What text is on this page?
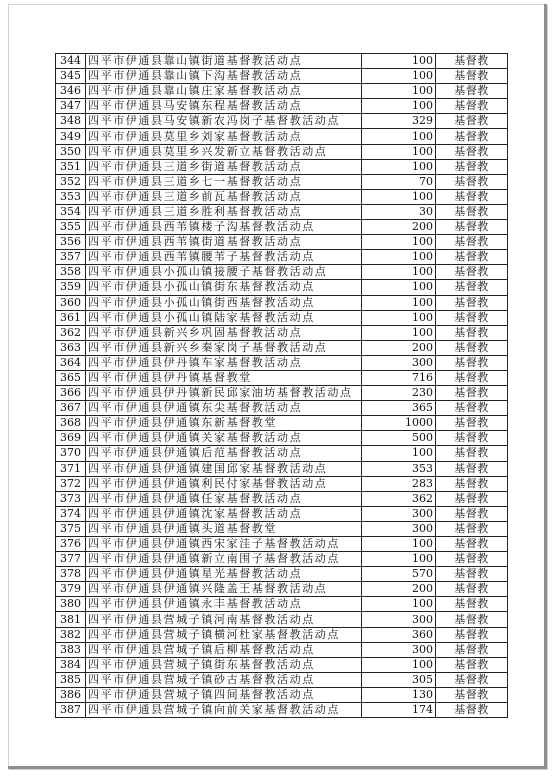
344	四平市伊通县靠山镇街道基督教活动点	100	基督教
345	四平市伊通县靠山镇下沟基督教活动点	100	基督教
346	四平市伊通县靠山镇庄家基督教活动点	100	基督教
347	四平市伊通县马安镇东程基督教活动点	100	基督教
348	四平市伊通县马安镇新农冯岗子基督教活动点	329	基督教
349	四平市伊通县莫里乡刘家基督教活动点	100	基督教
350	四平市伊通县莫里乡兴发新立基督教活动点	100	基督教
351	四平市伊通县三道乡街道基督教活动点	100	基督教
352	四平市伊通县三道乡七一基督教活动点	70	基督教
353	四平市伊通县三道乡前瓦基督教活动点	100	基督教
354	四平市伊通县三道乡胜利基督教活动点	30	基督教
355	四平市伊通县西苇镇楼子沟基督教活动点	200	基督教
356	四平市伊通县西苇镇街道基督教活动点	100	基督教
357	四平市伊通县西苇镇腰苇子基督教活动点	100	基督教
358	四平市伊通县小孤山镇接腰子基督教活动点	100	基督教
359	四平市伊通县小孤山镇街东基督教活动点	100	基督教
360	四平市伊通县小孤山镇街西基督教活动点	100	基督教
361	四平市伊通县小孤山镇陆家基督教活动点	100	基督教
362	四平市伊通县新兴乡巩固基督教活动点	100	基督教
363	四平市伊通县新兴乡秦家岗子基督教活动点	200	基督教
364	四平市伊通县伊丹镇车家基督教活动点	300	基督教
365	四平市伊通县伊丹镇基督教堂	716	基督教
366	四平市伊通县伊丹镇新民邱家油坊基督教活动点	230	基督教
367	四平市伊通县伊通镇东尖基督教活动点	365	基督教
368	四平市伊通县伊通镇东新基督教堂	1000	基督教
369	四平市伊通县伊通镇关家基督教活动点	500	基督教
370	四平市伊通县伊通镇后范基督教活动点	100	基督教
371	四平市伊通县伊通镇建国邱家基督教活动点	353	基督教
372	四平市伊通县伊通镇利民付家基督教活动点	283	基督教
373	四平市伊通县伊通镇任家基督教活动点	362	基督教
374	四平市伊通县伊通镇沈家基督教活动点	300	基督教
375	四平市伊通县伊通镇头道基督教堂	300	基督教
376	四平市伊通县伊通镇西宋家洼子基督教活动点	100	基督教
377	四平市伊通县伊通镇新立南围子基督教活动点	100	基督教
378	四平市伊通县伊通镇星光基督教活动点	570	基督教
379	四平市伊通县伊通镇兴隆盖王基督教活动点	200	基督教
380	四平市伊通县伊通镇永丰基督教活动点	100	基督教
381	四平市伊通县营城子镇河南基督教活动点	300	基督教
382	四平市伊通县营城子镇横河杜家基督教活动点	360	基督教
383	四平市伊通县营城子镇后柳基督教活动点	300	基督教
384	四平市伊通县营城子镇街东基督教活动点	100	基督教
385	四平市伊通县营城子镇砂古基督教活动点	305	基督教
386	四平市伊通县营城子镇四间基督教活动点	130	基督教
387	四平市伊通县营城子镇向前关家基督教活动点	174	基督教
